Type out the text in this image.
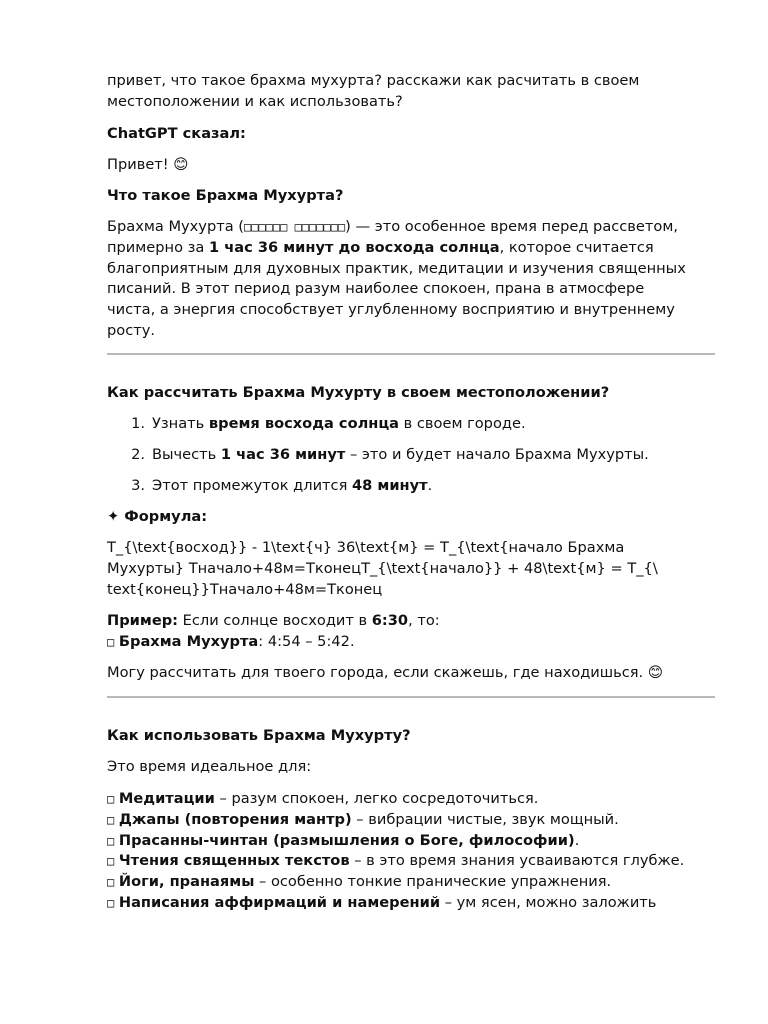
привет, что такое брахма мухурта? расскажи как расчитать в своем
местоположении и как использовать?

ChatGPT сказал:

Привет! 😊

Что такое Брахма Мухурта?

Брахма Мухурта (□□□□□□ □□□□□□□) — это особенное время перед рассветом,
примерно за 1 час 36 минут до восхода солнца, которое считается
благоприятным для духовных практик, медитации и изучения священных
писаний. В этот период разум наиболее спокоен, прана в атмосфере
чиста, а энергия способствует углубленному восприятию и внутреннему
росту.

Как рассчитать Брахма Мухурту в своем местоположении?
1. Узнать время восхода солнца в своем городе.
2. Вычесть 1 час 36 минут – это и будет начало Брахма Мухурты.
3. Этот промежуток длится 48 минут.

✦ Формула:

T_{\text{восход}} - 1\text{ч} 36\text{м} = T_{\text{начало Брахма
Мухурты} Tначало+48м=TконецT_{\text{начало}} + 48\text{м} = T_{\
text{конец}}Tначало+48м=Tконец

Пример: Если солнце восходит в 6:30, то:
□ Брахма Мухурта: 4:54 – 5:42.

Могу рассчитать для твоего города, если скажешь, где находишься. 😊

Как использовать Брахма Мухурту?

Это время идеальное для:

□ Медитации – разум спокоен, легко сосредоточиться.
□ Джапы (повторения мантр) – вибрации чистые, звук мощный.
□ Прасанны-чинтан (размышления о Боге, философии).
□ Чтения священных текстов – в это время знания усваиваются глубже.
□ Йоги, пранаямы – особенно тонкие пранические упражнения.
□ Написания аффирмаций и намерений – ум ясен, можно заложить
